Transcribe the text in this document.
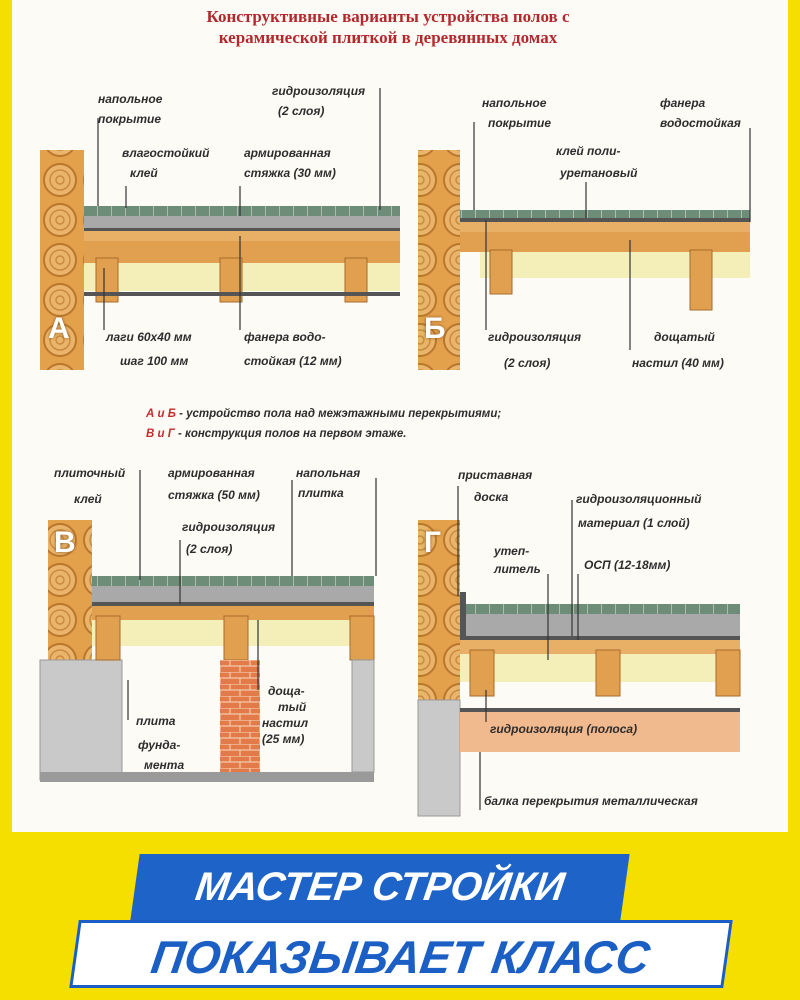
Конструктивные варианты устройства полов с
керамической плиткой в деревянных домах
А	Б
В	Г
напольное
покрытие
влагостойкий
клей
гидроизоляция
(2 слоя)
армированная
стяжка (30 мм)
лаги 60х40 мм
шаг 100 мм
фанера водо-
стойкая (12 мм)
напольное
покрытие
фанера
водостойкая
клей поли-
уретановый
гидроизоляция
(2 слоя)
дощатый
настил (40 мм)
А и Б - устройство пола над межэтажными перекрытиями;
В и Г - конструкция полов на первом этаже.
плиточный
клей
армированная
стяжка (50 мм)
напольная
плитка
гидроизоляция
(2 слоя)
доща-
тый
настил
(25 мм)
плита
фунда-
мента
приставная
доска	гидроизоляционный
материал (1 слой)
утеп-
литель	ОСП (12-18мм)
гидроизоляция (полоса)
балка перекрытия металлическая
МАСТЕР СТРОЙКИ
ПОКАЗЫВАЕТ КЛАСС
